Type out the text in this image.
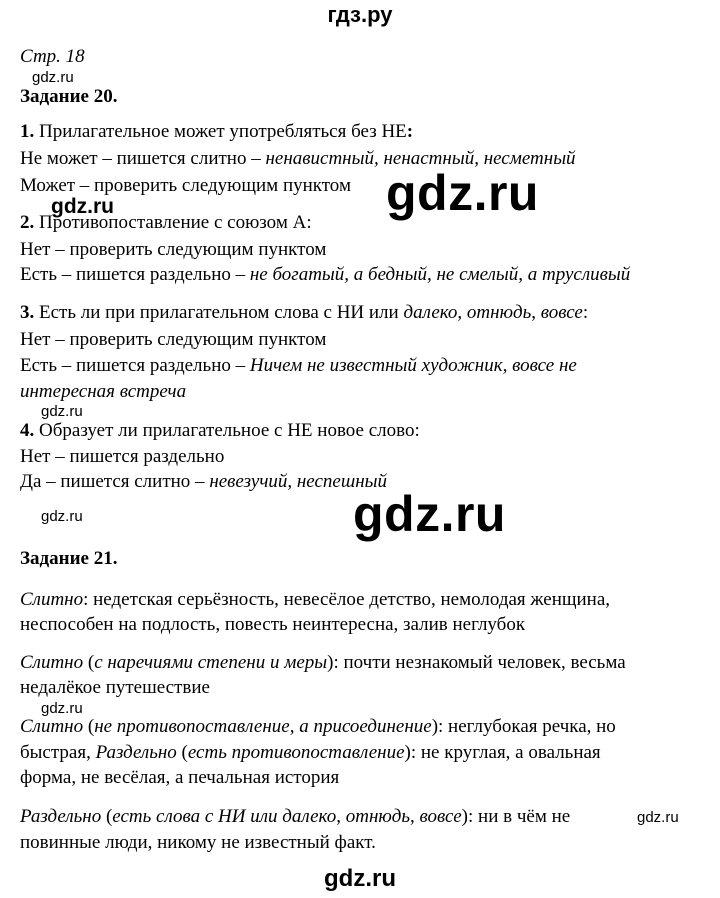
гдз.ру
Стр. 18
gdz.ru
Задание 20.
1. Прилагательное может употребляться без НЕ:
Не может – пишется слитно – ненавистный, ненастный, несметный
Может – проверить следующим пунктом gdz.ru
gdz.ru
2. Противопоставление с союзом А:
Нет – проверить следующим пунктом
Есть – пишется раздельно – не богатый, а бедный, не смелый, а трусливый
3. Есть ли при прилагательном слова с НИ или далеко, отнюдь, вовсе:
Нет – проверить следующим пунктом
Есть – пишется раздельно – Ничем не известный художник, вовсе не
интересная встреча
gdz.ru
4. Образует ли прилагательное с НЕ новое слово:
Нет – пишется раздельно
Да – пишется слитно – невезучий, неспешный
gdz.ru	gdz.ru
Задание 21.
Слитно: недетская серьёзность, невесёлое детство, немолодая женщина,
неспособен на подлость, повесть неинтересна, залив неглубок
Слитно (с наречиями степени и меры): почти незнакомый человек, весьма
недалёкое путешествие
gdz.ru
Слитно (не противопоставление, а присоединение): неглубокая речка, но
быстрая, Раздельно (есть противопоставление): не круглая, а овальная
форма, не весёлая, а печальная история
Раздельно (есть слова с НИ или далеко, отнюдь, вовсе): ни в чём не	gdz.ru
повинные люди, никому не известный факт.
gdz.ru
